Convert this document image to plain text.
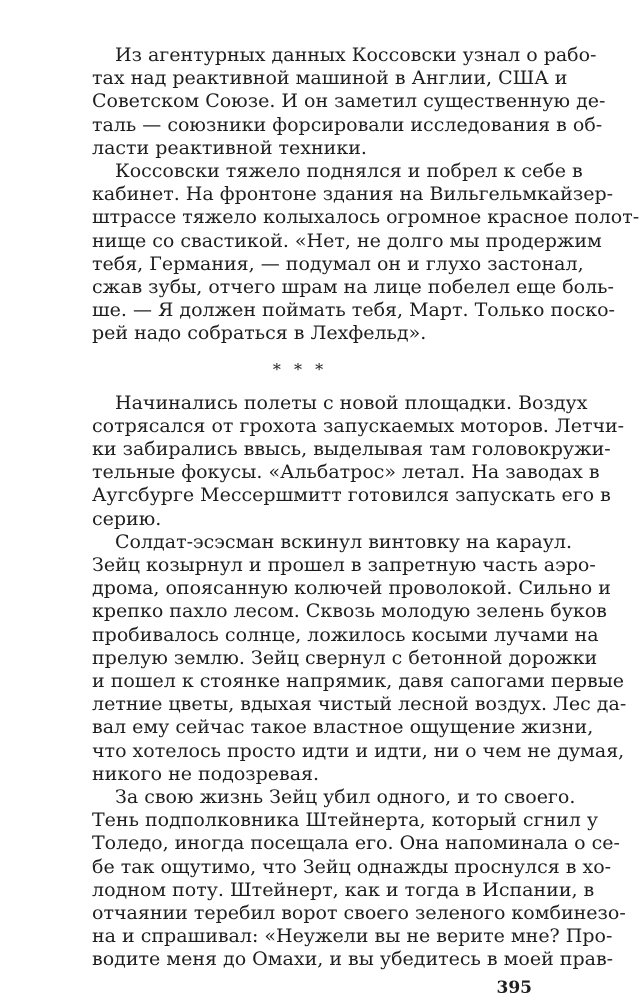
Из агентурных данных Коссовски узнал о рабо-
тах над реактивной машиной в Англии, США и
Советском Союзе. И он заметил существенную де-
таль — союзники форсировали исследования в об-
ласти реактивной техники.
Коссовски тяжело поднялся и побрел к себе в
кабинет. На фронтоне здания на Вильгельмкайзер-
штрассе тяжело колыхалось огромное красное полот-
нище со свастикой. «Нет, не долго мы продержим
тебя, Германия, — подумал он и глухо застонал,
сжав зубы, отчего шрам на лице побелел еще боль-
ше. — Я должен поймать тебя, Март. Только поско-
рей надо собраться в Лехфельд».
* * *
Начинались полеты с новой площадки. Воздух
сотрясался от грохота запускаемых моторов. Летчи-
ки забирались ввысь, выделывая там головокружи-
тельные фокусы. «Альбатрос» летал. На заводах в
Аугсбурге Мессершмитт готовился запускать его в
серию.
Солдат-эсэсман вскинул винтовку на караул.
Зейц козырнул и прошел в запретную часть аэро-
дрома, опоясанную колючей проволокой. Сильно и
крепко пахло лесом. Сквозь молодую зелень буков
пробивалось солнце, ложилось косыми лучами на
прелую землю. Зейц свернул с бетонной дорожки
и пошел к стоянке напрямик, давя сапогами первые
летние цветы, вдыхая чистый лесной воздух. Лес да-
вал ему сейчас такое властное ощущение жизни,
что хотелось просто идти и идти, ни о чем не думая,
никого не подозревая.
За свою жизнь Зейц убил одного, и то своего.
Тень подполковника Штейнерта, который сгнил у
Толедо, иногда посещала его. Она напоминала о се-
бе так ощутимо, что Зейц однажды проснулся в хо-
лодном поту. Штейнерт, как и тогда в Испании, в
отчаянии теребил ворот своего зеленого комбинезо-
на и спрашивал: «Неужели вы не верите мне? Про-
водите меня до Омахи, и вы убедитесь в моей прав-
395
